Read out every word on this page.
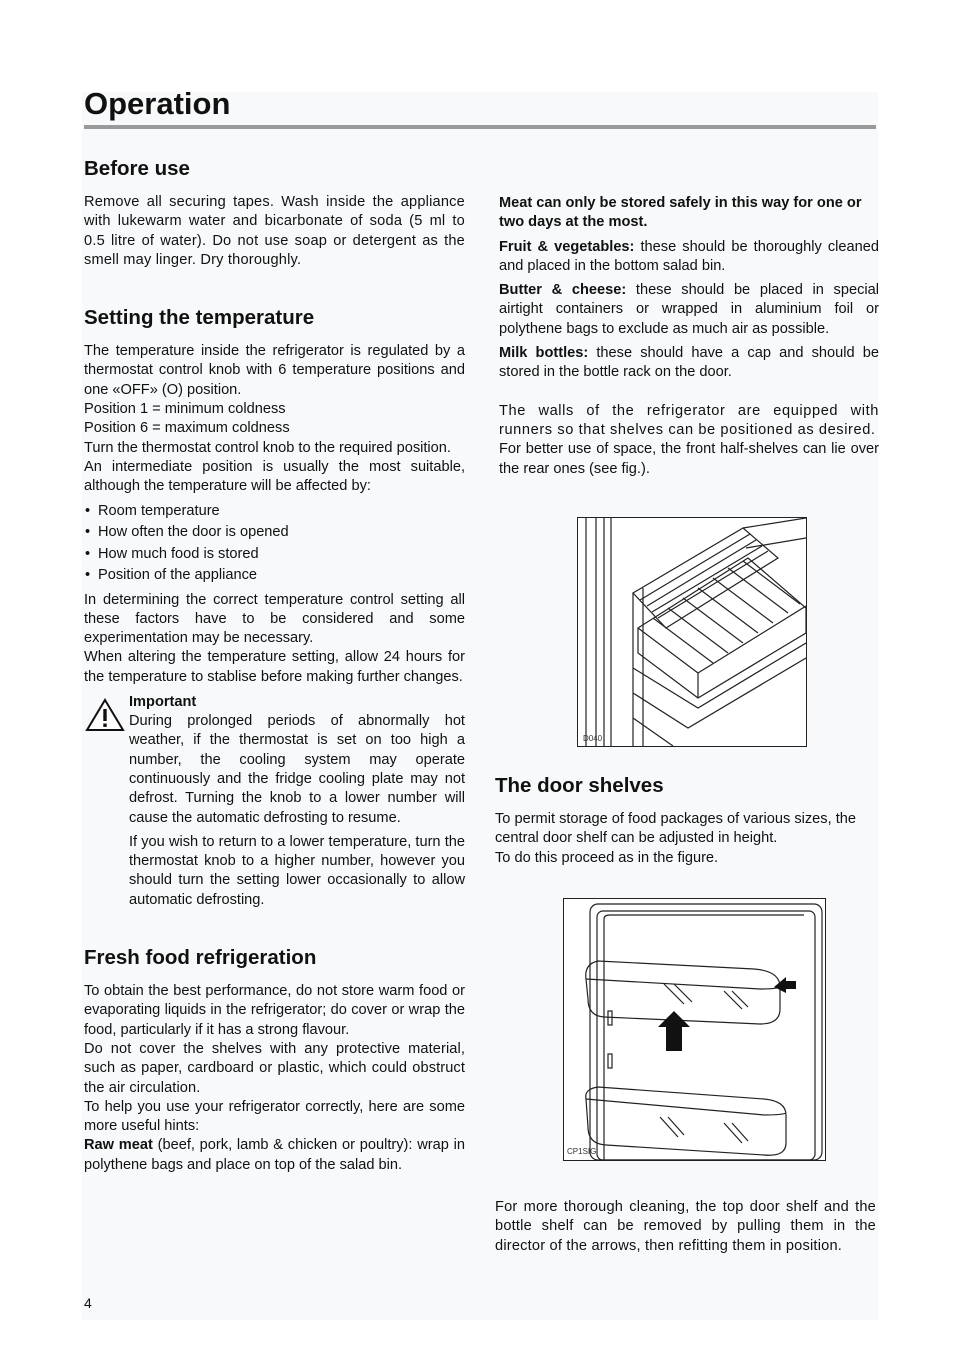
Operation
Before use

Remove all securing tapes. Wash inside the appliance with lukewarm water and bicarbonate of soda (5 ml to 0.5 litre of water). Do not use soap or detergent as the smell may linger. Dry thoroughly.

Setting the temperature

The temperature inside the refrigerator is regulated by a thermostat control knob with 6 temperature positions and one «OFF» (O) position.

Position 1 = minimum coldness

Position 6 = maximum coldness

Turn the thermostat control knob to the required position.

An intermediate position is usually the most suitable, although the temperature will be affected by:

• Room temperature
• How often the door is opened
• How much food is stored
• Position of the appliance

In determining the correct temperature control setting all these factors have to be considered and some experimentation may be necessary.

When altering the temperature setting, allow 24 hours for the temperature to stablise before making further changes.

Important

During prolonged periods of abnormally hot weather, if the thermostat is set on too high a number, the cooling system may operate continuously and the fridge cooling plate may not defrost. Turning the knob to a lower number will cause the automatic defrosting to resume.

If you wish to return to a lower temperature, turn the thermostat knob to a higher number, however you should turn the setting lower occasionally to allow automatic defrosting.

Fresh food refrigeration

To obtain the best performance, do not store warm food or evaporating liquids in the refrigerator; do cover or wrap the food, particularly if it has a strong flavour.

Do not cover the shelves with any protective material, such as paper, cardboard or plastic, which could obstruct the air circulation.

To help you use your refrigerator correctly, here are some more useful hints:

Raw meat (beef, pork, lamb & chicken or poultry): wrap in polythene bags and place on top of the salad bin.

Meat can only be stored safely in this way for one or two days at the most.

Fruit & vegetables: these should be thoroughly cleaned and placed in the bottom salad bin.

Butter & cheese: these should be placed in special airtight containers or wrapped in aluminium foil or polythene bags to exclude as much air as possible.

Milk bottles: these should have a cap and should be stored in the bottle rack on the door.

The walls of the refrigerator are equipped with runners so that shelves can be positioned as desired.

For better use of space, the front half-shelves can lie over the rear ones (see fig.).

D040
The door shelves

To permit storage of food packages of various sizes, the central door shelf can be adjusted in height.

To do this proceed as in the figure.

CP1SIG

For more thorough cleaning, the top door shelf and the bottle shelf can be removed by pulling them in the director of the arrows, then refitting them in position.

4
